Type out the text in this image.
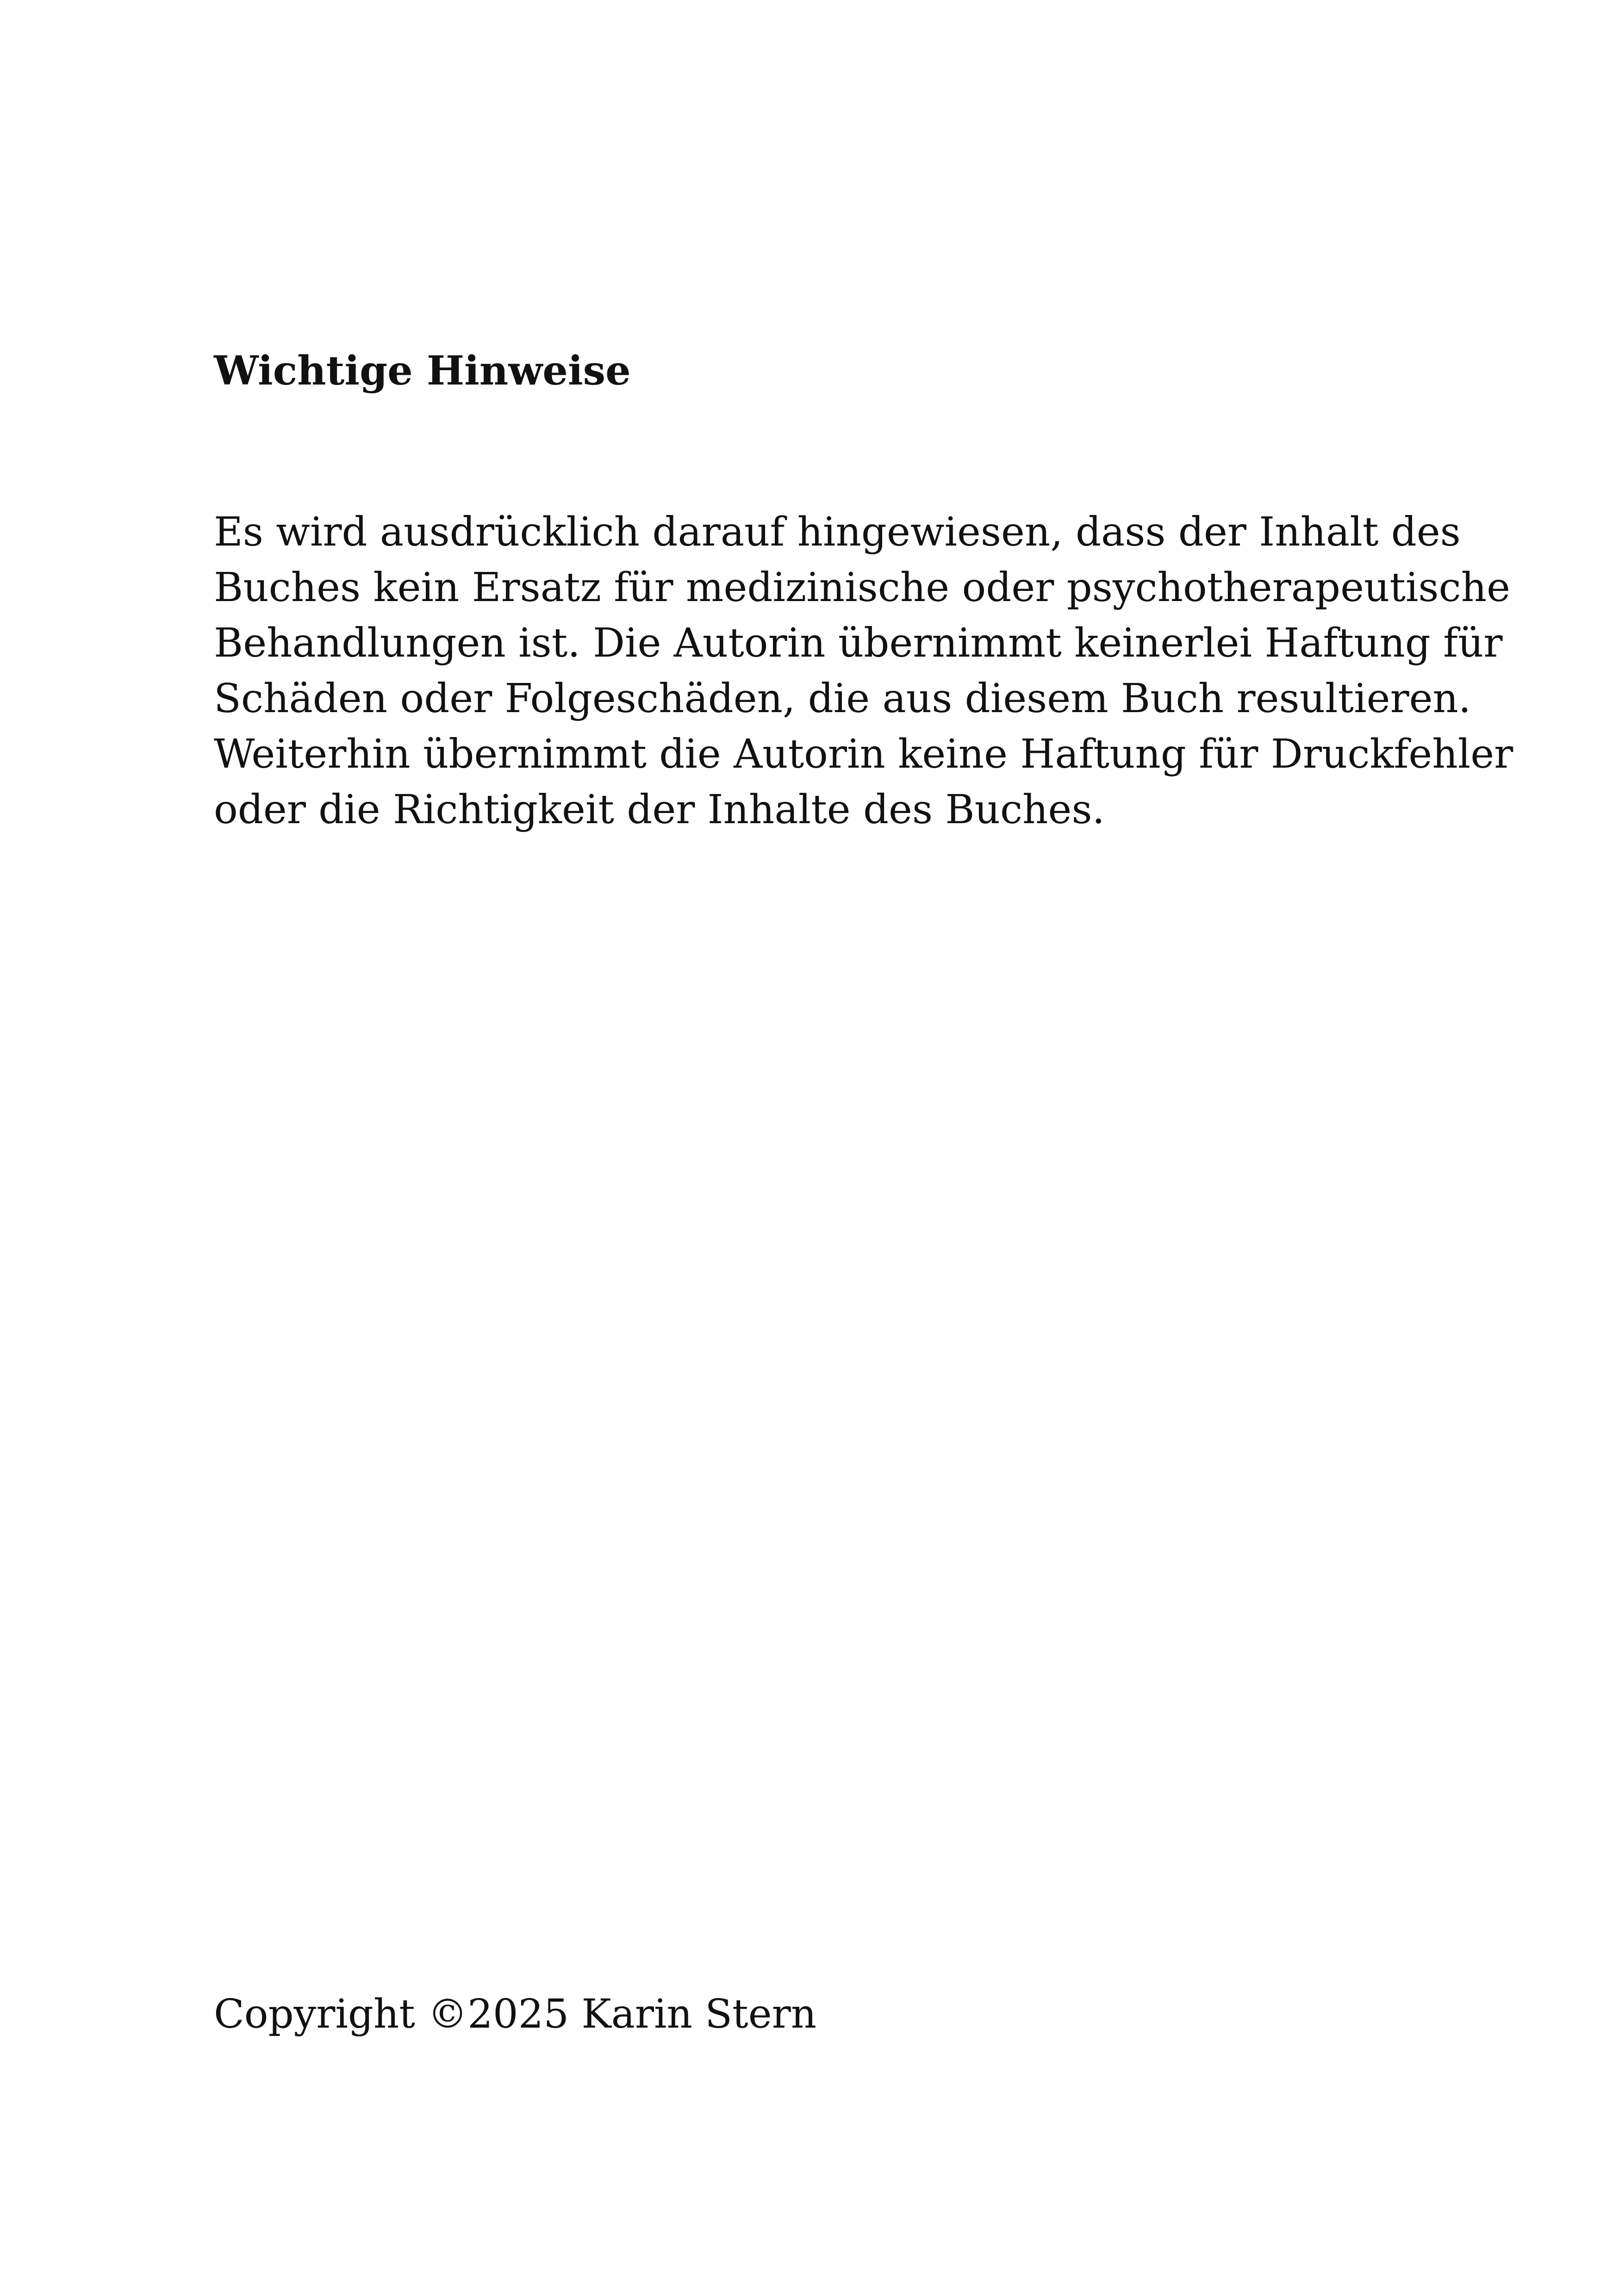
Wichtige Hinweise
Es wird ausdrücklich darauf hingewiesen, dass der Inhalt des
Buches kein Ersatz für medizinische oder psychotherapeutische
Behandlungen ist. Die Autorin übernimmt keinerlei Haftung für
Schäden oder Folgeschäden, die aus diesem Buch resultieren.
Weiterhin übernimmt die Autorin keine Haftung für Druckfehler
oder die Richtigkeit der Inhalte des Buches.

Copyright ©2025 Karin Stern
